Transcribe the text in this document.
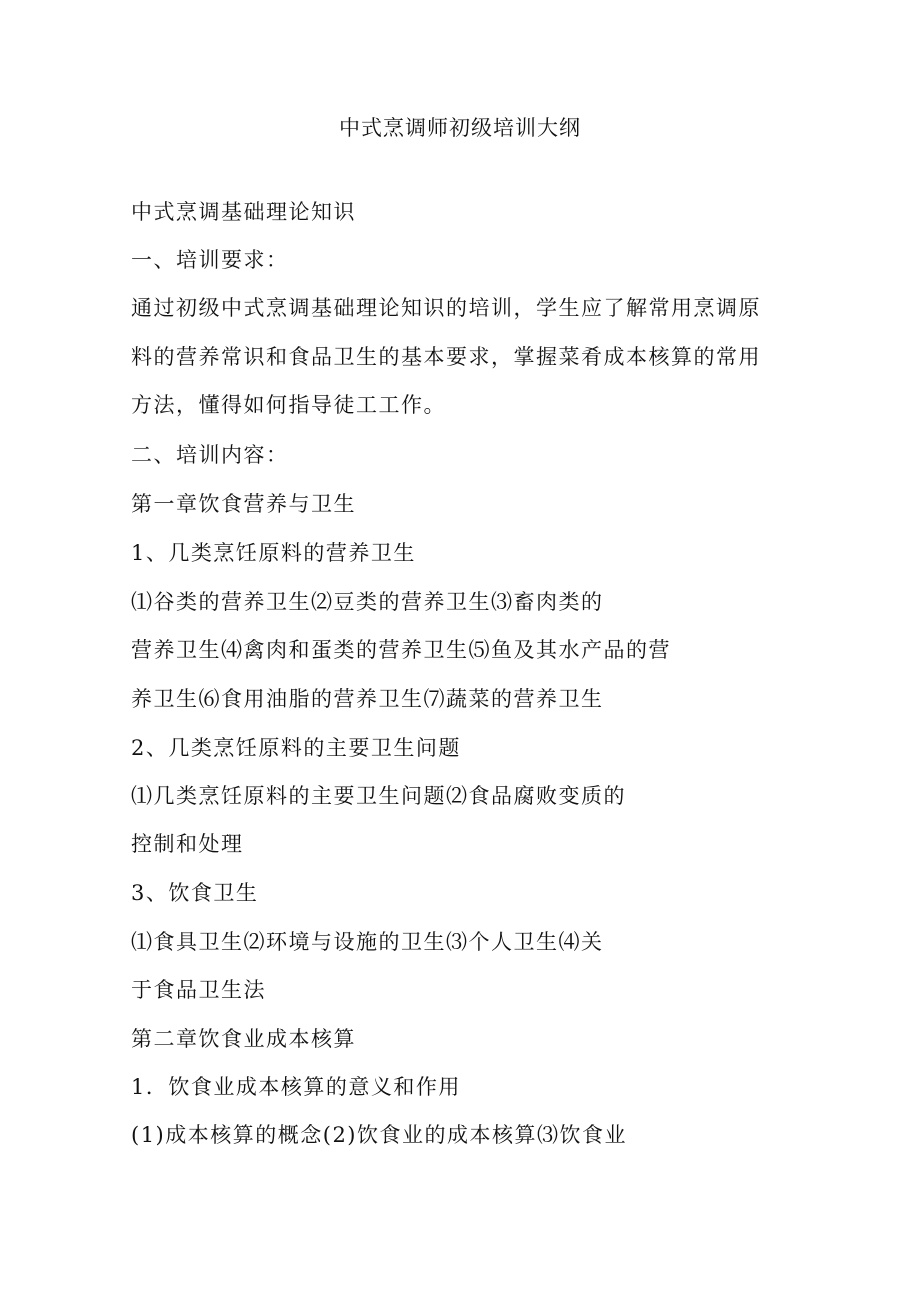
中式烹调师初级培训大纲
中式烹调基础理论知识
一、培训要求：
通过初级中式烹调基础理论知识的培训，学生应了解常用烹调原
料的营养常识和食品卫生的基本要求，掌握菜肴成本核算的常用
方法，懂得如何指导徒工工作。
二、培训内容：
第一章饮食营养与卫生
1、几类烹饪原料的营养卫生
⑴谷类的营养卫生⑵豆类的营养卫生⑶畜肉类的
营养卫生⑷禽肉和蛋类的营养卫生⑸鱼及其水产品的营
养卫生⑹食用油脂的营养卫生⑺蔬菜的营养卫生
2、几类烹饪原料的主要卫生问题
⑴几类烹饪原料的主要卫生问题⑵食品腐败变质的
控制和处理
3、饮食卫生
⑴食具卫生⑵环境与设施的卫生⑶个人卫生⑷关
于食品卫生法
第二章饮食业成本核算
1．饮食业成本核算的意义和作用
(1)成本核算的概念(2)饮食业的成本核算⑶饮食业
